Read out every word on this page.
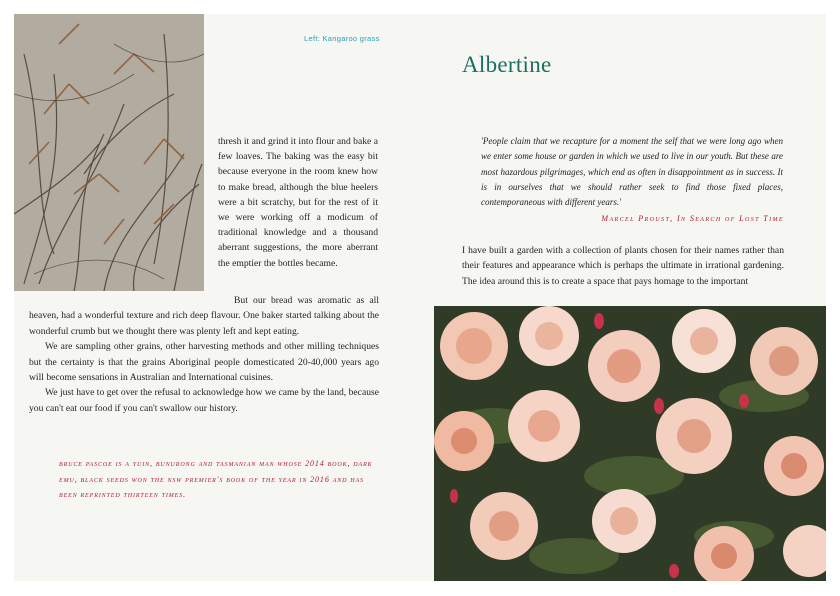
Left: Kangaroo grass
Albertine
thresh it and grind it into flour and bake a few loaves. The baking was the easy bit because everyone in the room knew how to make bread, although the blue heelers were a bit scratchy, but for the rest of it we were working off a modicum of traditional knowledge and a thousand aberrant suggestions, the more aberrant the emptier the bottles became.

But our bread was aromatic as all heaven, had a wonderful texture and rich deep flavour. One baker started talking about the wonderful crumb but we thought there was plenty left and kept eating.

We are sampling other grains, other harvesting methods and other milling techniques but the certainty is that the grains Aboriginal people domesticated 20-40,000 years ago will become sensations in Australian and International cuisines.

We just have to get over the refusal to acknowledge how we came by the land, because you can't eat our food if you can't swallow our history.

bruce pascoe is a yuin, bunurong and tasmanian man whose 2014 book, dark emu, black seeds won the nsw premier's book of the year in 2016 and has been reprinted thirteen times.
'People claim that we recapture for a moment the self that we were long ago when we enter some house or garden in which we used to live in our youth. But these are most hazardous pilgrimages, which end as often in disappointment as in success. It is in ourselves that we should rather seek to find those fixed places, contemporaneous with different years.'
Marcel Proust, In Search of Lost Time
I have built a garden with a collection of plants chosen for their names rather than their features and appearance which is perhaps the ultimate in irrational gardening. The idea around this is to create a space that pays homage to the important
